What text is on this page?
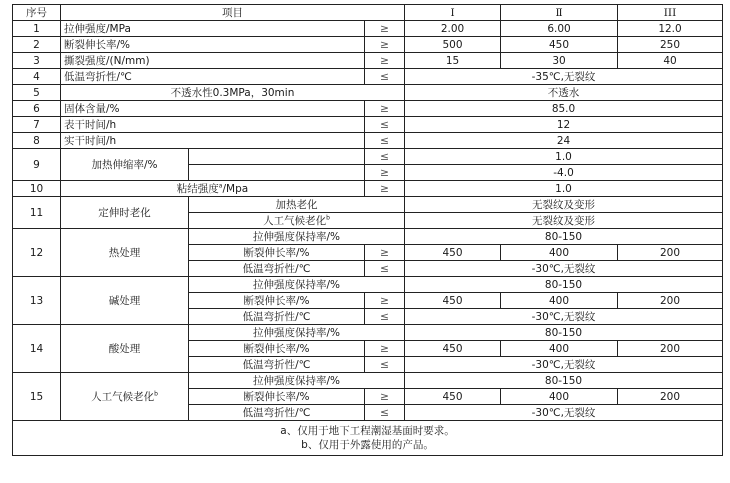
序号	项目			I	Ⅱ	III
1	拉伸强度/MPa		≥	2.00	6.00	12.0
2	断裂伸长率/%		≥	500	450	250
3	撕裂强度/(N/mm)		≥	15	30	40
4	低温弯折性/℃		≤	-35℃,无裂纹		
5	不透水性0.3MPa，30min			不透水		
6	固体含量/%		≥	85.0		
7	表干时间/h		≤	12		
8	实干时间/h		≤	24		
9	加热伸缩率/%		≤	1.0		
			≥	-4.0		
10	粘结强度$^a$/Mpa		≥	1.0		
11	定伸时老化	加热老化		无裂纹及变形		
		人工气候老化$^b$		无裂纹及变形		
12	热处理	拉伸强度保持率/%		80-150		
		断裂伸长率/%	≥	450	400	200
		低温弯折性/℃	≤	-30℃,无裂纹		
13	碱处理	拉伸强度保持率/%		80-150		
		断裂伸长率/%	≥	450	400	200
		低温弯折性/℃	≤	-30℃,无裂纹		
14	酸处理	拉伸强度保持率/%		80-150		
		断裂伸长率/%	≥	450	400	200
		低温弯折性/℃	≤	-30℃,无裂纹		
15	人工气候老化$^b$	拉伸强度保持率/%		80-150		
		断裂伸长率/%	≥	450	400	200
		低温弯折性/℃	≤	-30℃,无裂纹		

a、仅用于地下工程潮湿基面时要求。
b、仅用于外露使用的产品。						
